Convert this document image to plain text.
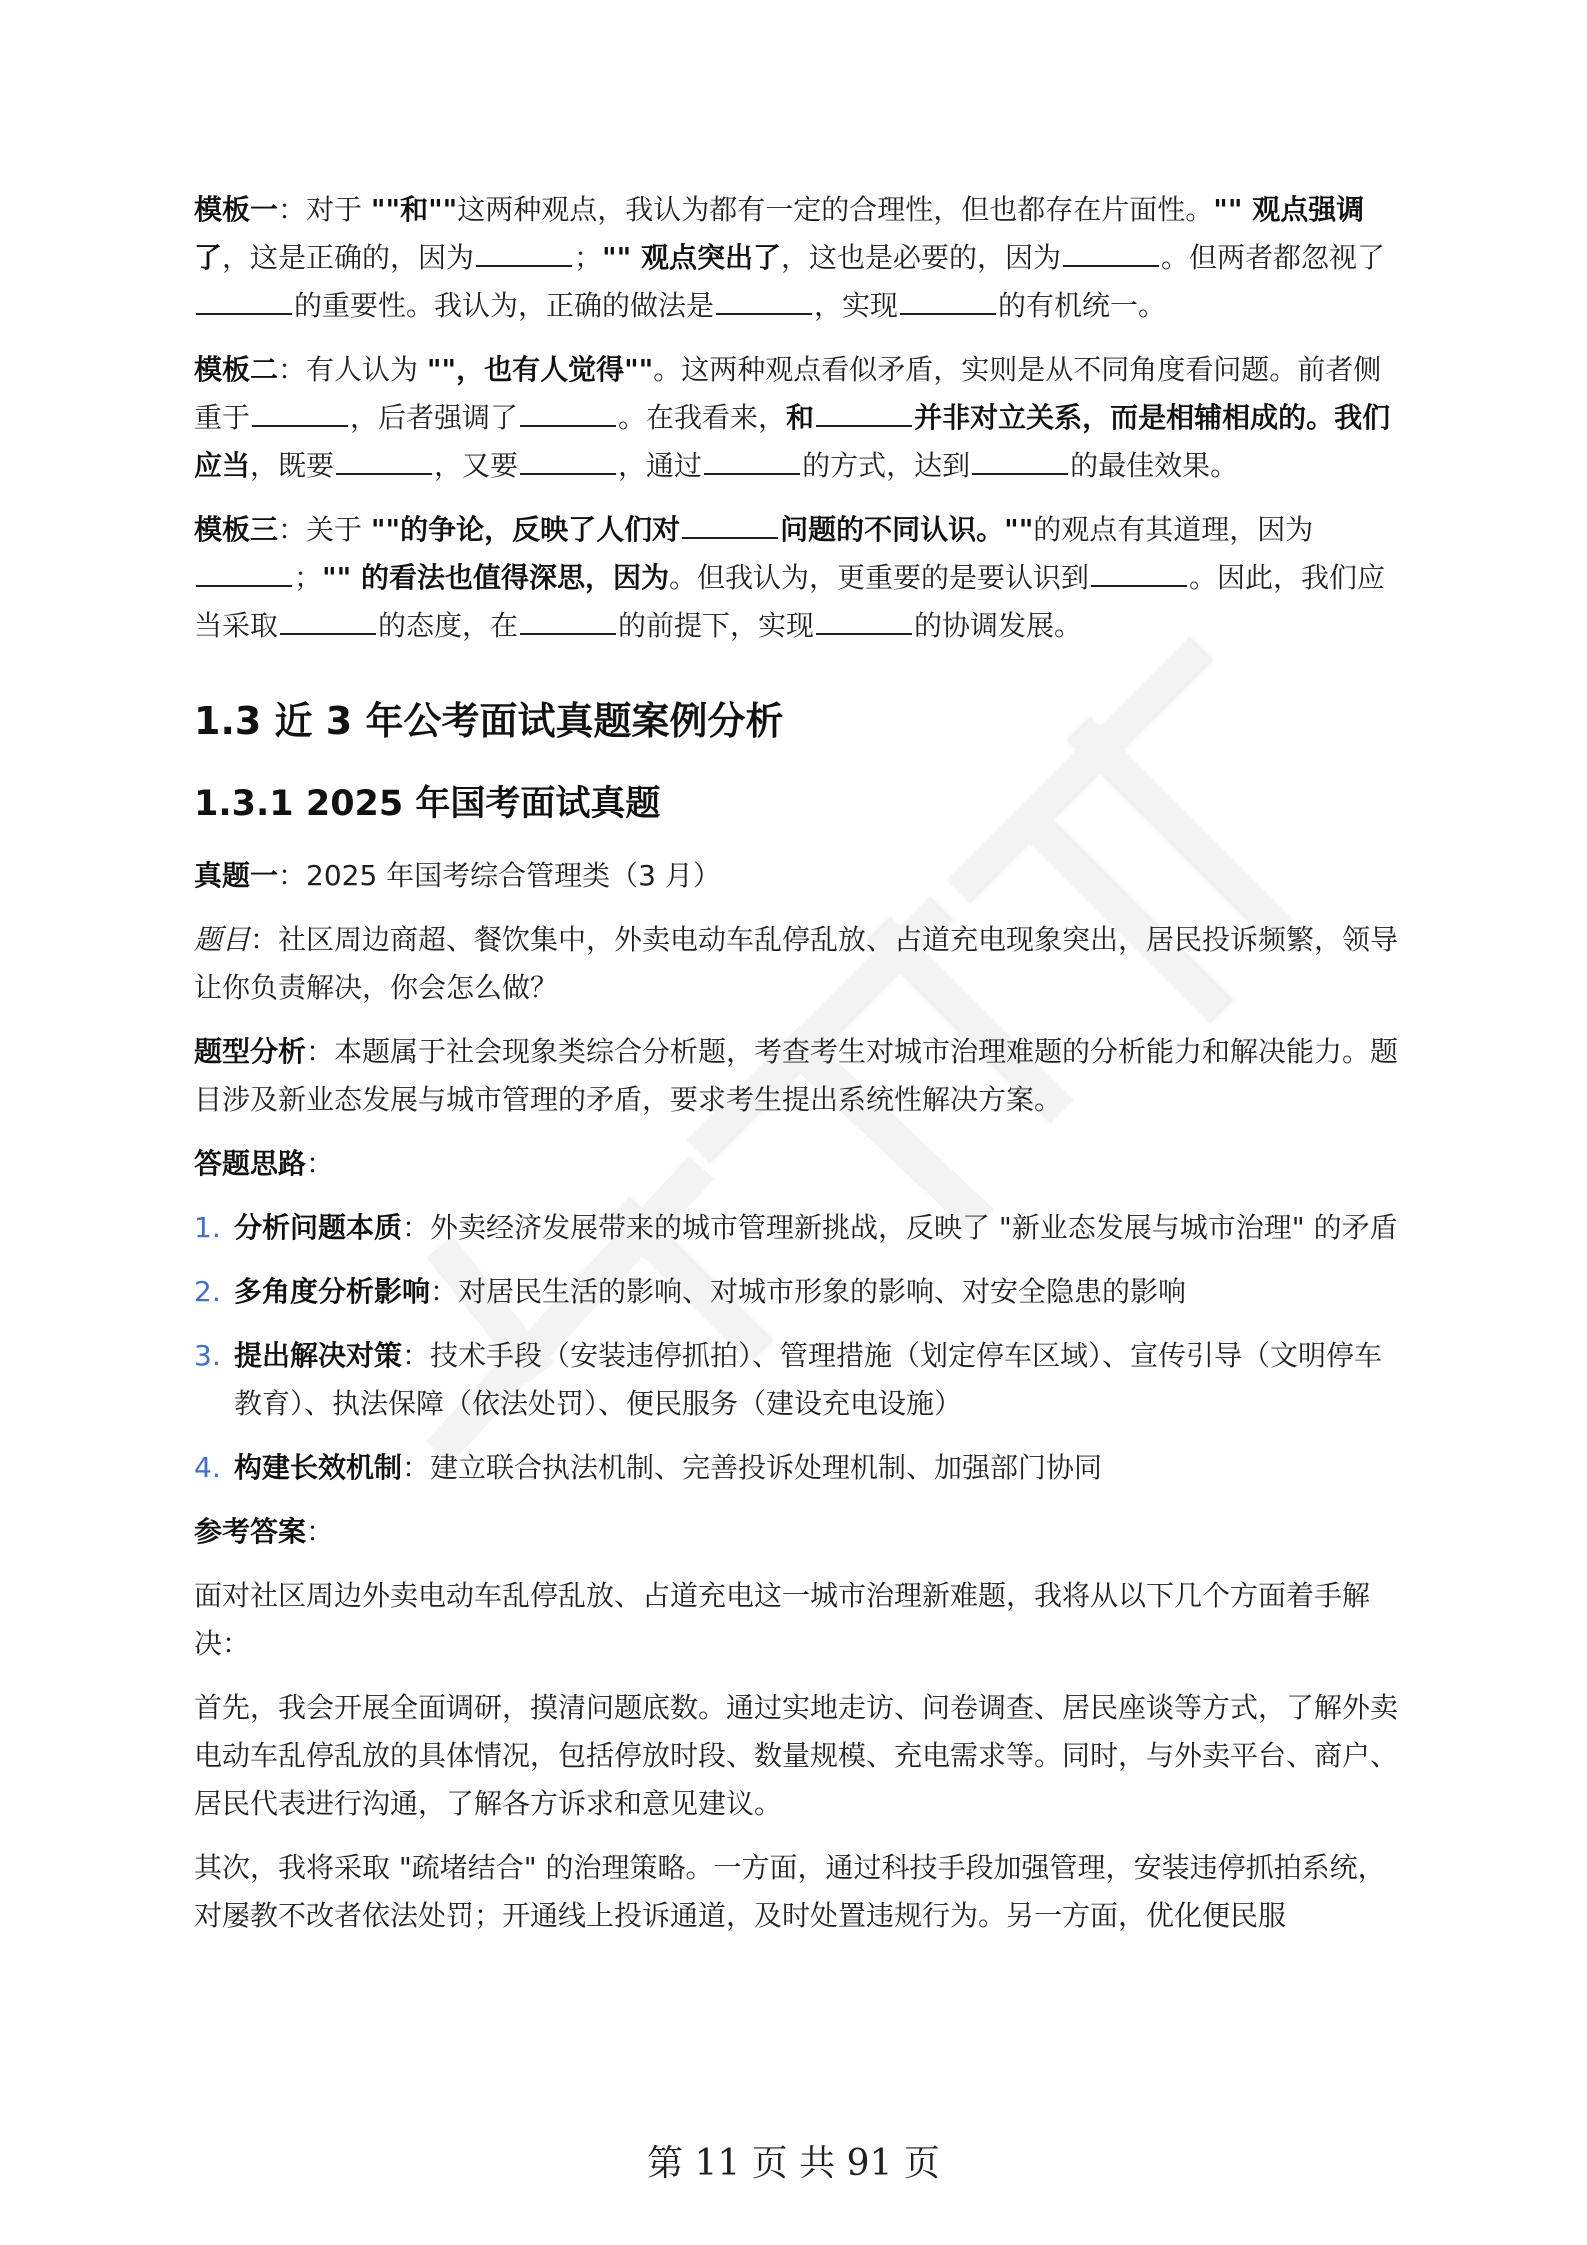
模板一：对于 ""和""这两种观点，我认为都有一定的合理性，但也都存在片面性。"" 观点强调了，这是正确的，因为	；"" 观点突出了，这也是必要的，因为	。但两者都忽视了的重要性。我认为，正确的做法是	，实现	的有机统一。

模板二：有人认为 ""，也有人觉得""。这两种观点看似矛盾，实则是从不同角度看问题。前者侧重于	，后者强调了	。在我看来，和	并非对立关系，而是相辅相成的。我们应当，既要	，又要	，通过	的方式，达到	的最佳效果。

模板三：关于 ""的争论，反映了人们对	问题的不同认识。""的观点有其道理，因为；"" 的看法也值得深思，因为。但我认为，更重要的是要认识到	。因此，我们应当采取	的态度，在	的前提下，实现	的协调发展。

1.3 近 3 年公考面试真题案例分析
1.3.1 2025 年国考面试真题

真题一：2025 年国考综合管理类（3 月）

题目：社区周边商超、餐饮集中，外卖电动车乱停乱放、占道充电现象突出，居民投诉频繁，领导让你负责解决，你会怎么做？

题型分析：本题属于社会现象类综合分析题，考查考生对城市治理难题的分析能力和解决能力。题目涉及新业态发展与城市管理的矛盾，要求考生提出系统性解决方案。

答题思路：

1. 分析问题本质：外卖经济发展带来的城市管理新挑战，反映了 "新业态发展与城市治理" 的矛盾
2. 多角度分析影响：对居民生活的影响、对城市形象的影响、对安全隐患的影响
3. 提出解决对策：技术手段（安装违停抓拍）、管理措施（划定停车区域）、宣传引导（文明停车教育）、执法保障（依法处罚）、便民服务（建设充电设施）
4. 构建长效机制：建立联合执法机制、完善投诉处理机制、加强部门协同

参考答案：

面对社区周边外卖电动车乱停乱放、占道充电这一城市治理新难题，我将从以下几个方面着手解决：

首先，我会开展全面调研，摸清问题底数。通过实地走访、问卷调查、居民座谈等方式，了解外卖电动车乱停乱放的具体情况，包括停放时段、数量规模、充电需求等。同时，与外卖平台、商户、居民代表进行沟通，了解各方诉求和意见建议。

其次，我将采取 "疏堵结合" 的治理策略。一方面，通过科技手段加强管理，安装违停抓拍系统，对屡教不改者依法处罚；开通线上投诉通道，及时处置违规行为。另一方面，优化便民服

第 11 页 共 91 页
